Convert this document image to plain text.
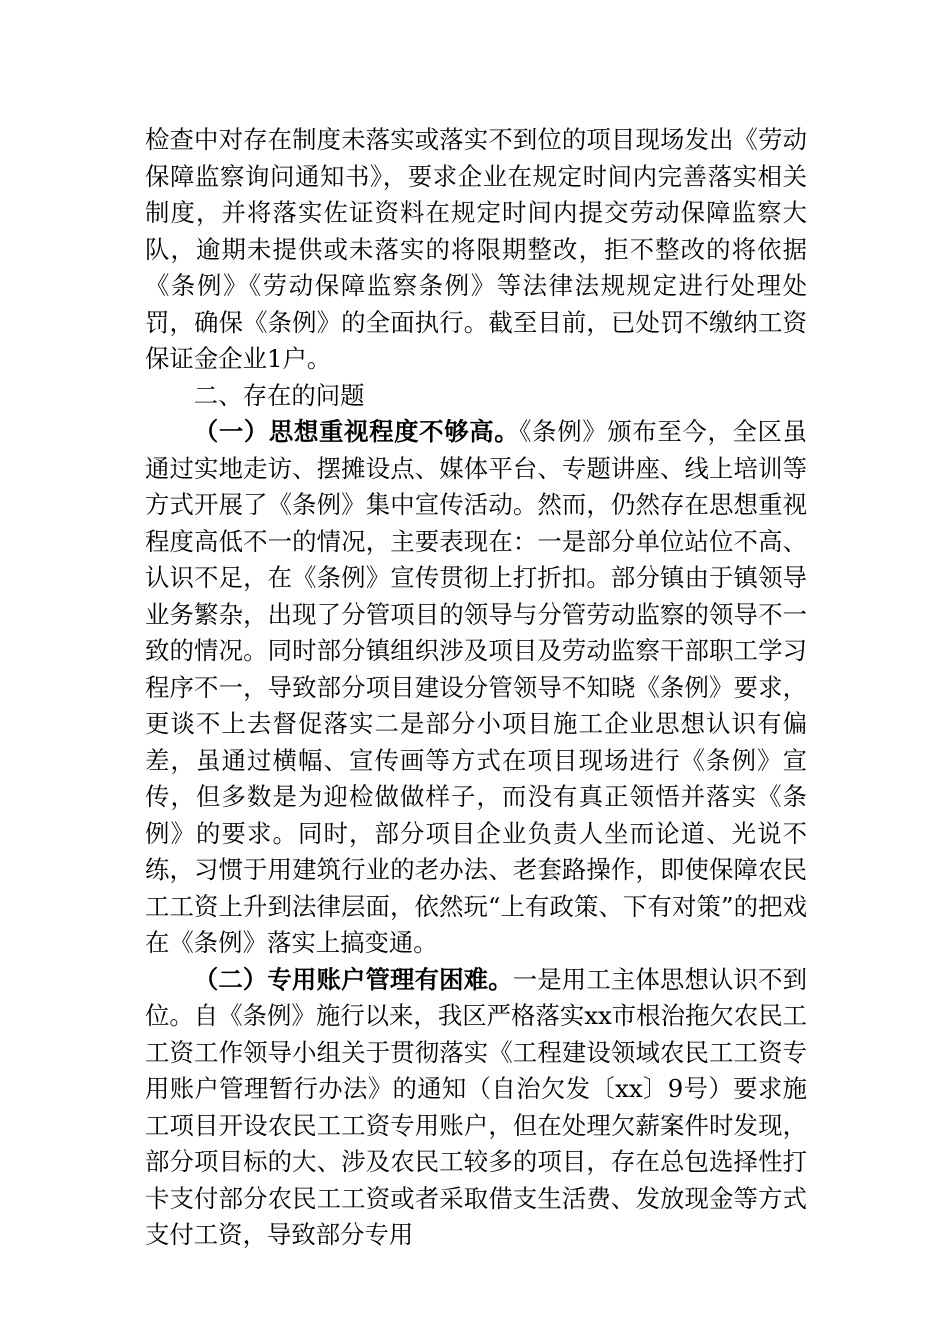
检查中对存在制度未落实或落实不到位的项目现场发出《劳动保障监察询问通知书》，要求企业在规定时间内完善落实相关制度，并将落实佐证资料在规定时间内提交劳动保障监察大队，逾期未提供或未落实的将限期整改，拒不整改的将依据《条例》《劳动保障监察条例》等法律法规规定进行处理处罚，确保《条例》的全面执行。截至目前，已处罚不缴纳工资保证金企业1户。

二、存在的问题

（一）思想重视程度不够高。《条例》颁布至今，全区虽通过实地走访、摆摊设点、媒体平台、专题讲座、线上培训等方式开展了《条例》集中宣传活动。然而，仍然存在思想重视程度高低不一的情况，主要表现在：一是部分单位站位不高、认识不足，在《条例》宣传贯彻上打折扣。部分镇由于镇领导业务繁杂，出现了分管项目的领导与分管劳动监察的领导不一致的情况。同时部分镇组织涉及项目及劳动监察干部职工学习程序不一，导致部分项目建设分管领导不知晓《条例》要求，更谈不上去督促落实二是部分小项目施工企业思想认识有偏差，虽通过横幅、宣传画等方式在项目现场进行《条例》宣传，但多数是为迎检做做样子，而没有真正领悟并落实《条例》的要求。同时，部分项目企业负责人坐而论道、光说不练，习惯于用建筑行业的老办法、老套路操作，即使保障农民工工资上升到法律层面，依然玩“上有政策、下有对策”的把戏在《条例》落实上搞变通。

（二）专用账户管理有困难。一是用工主体思想认识不到位。自《条例》施行以来，我区严格落实xx市根治拖欠农民工工资工作领导小组关于贯彻落实《工程建设领域农民工工资专用账户管理暂行办法》的通知（自治欠发〔xx〕9号）要求施工项目开设农民工工资专用账户，但在处理欠薪案件时发现，部分项目标的大、涉及农民工较多的项目，存在总包选择性打卡支付部分农民工工资或者采取借支生活费、发放现金等方式支付工资，导致部分专用
